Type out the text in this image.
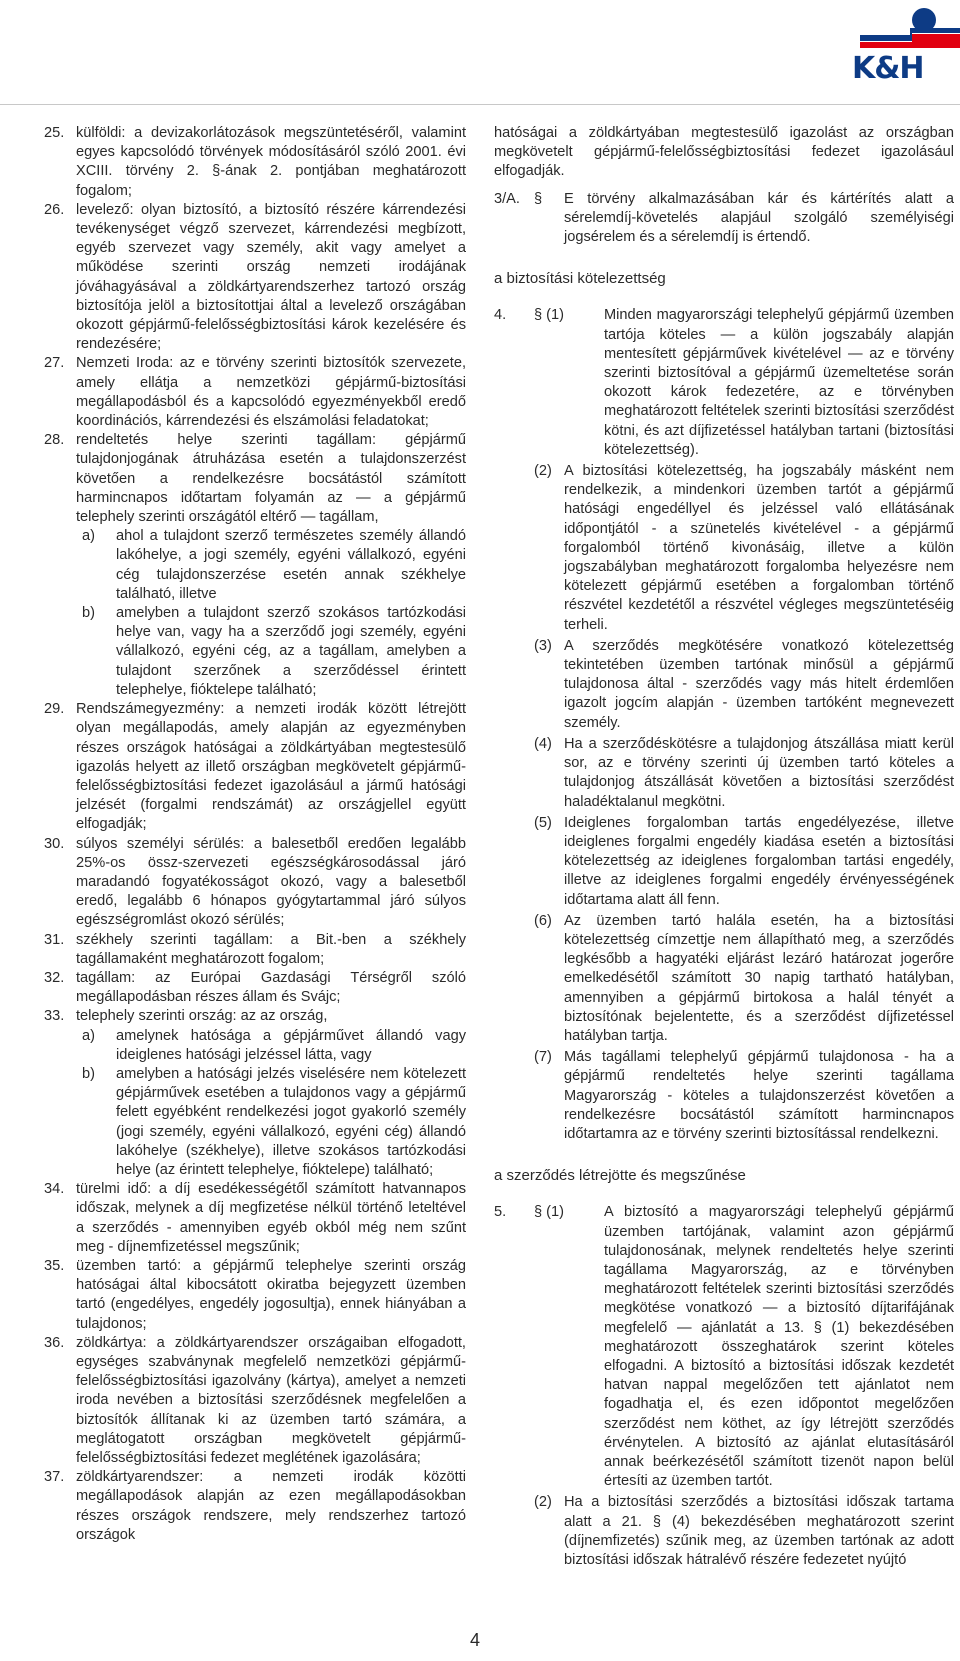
K&H
25. külföldi: a devizakorlátozások megszüntetéséről, valamint egyes kapcsolódó törvények módosításáról szóló 2001. évi XCIII. törvény 2. §-ának 2. pontjában meghatározott fogalom;
26. levelező: olyan biztosító, a biztosító részére kárrendezési tevékenységet végző szervezet, kárrendezési megbízott, egyéb szervezet vagy személy, akit vagy amelyet a működése szerinti ország nemzeti irodájának jóváhagyásával a zöldkártyarendszerhez tartozó ország biztosítója jelöl a biztosítottjai által a levelező országában okozott gépjármű-felelősségbiztosítási károk kezelésére és rendezésére;
27. Nemzeti Iroda: az e törvény szerinti biztosítók szervezete, amely ellátja a nemzetközi gépjármű-biztosítási megállapodásból és a kapcsolódó egyezményekből eredő koordinációs, kárrendezési és elszámolási feladatokat;
28. rendeltetés helye szerinti tagállam: gépjármű tulajdonjogának átruházása esetén a tulajdonszerzést követően a rendelkezésre bocsátástól számított harmincnapos időtartam folyamán az — a gépjármű telephely szerinti országától eltérő — tagállam,
a)	ahol a tulajdont szerző természetes személy állandó lakóhelye, a jogi személy, egyéni vállalkozó, egyéni cég tulajdonszerzése esetén annak székhelye található, illetve
b)	amelyben a tulajdont szerző szokásos tartózkodási helye van, vagy ha a szerződő jogi személy, egyéni vállalkozó, egyéni cég, az a tagállam, amelyben a tulajdont szerzőnek a szerződéssel érintett telephelye, fióktelepe található;
29. Rendszámegyezmény: a nemzeti irodák között létrejött olyan megállapodás, amely alapján az egyezményben részes országok hatóságai a zöldkártyában megtestesülő igazolás helyett az illető országban megkövetelt gépjármű-felelősségbiztosítási fedezet igazolásául a jármű hatósági jelzését (forgalmi rendszámát) az országjellel együtt elfogadják;
30. súlyos személyi sérülés: a balesetből eredően legalább 25%-os össz-szervezeti egészségkárosodással járó maradandó fogyatékosságot okozó, vagy a balesetből eredő, legalább 6 hónapos gyógytartammal járó súlyos egészségromlást okozó sérülés;
31. székhely szerinti tagállam: a Bit.-ben a székhely tagállamaként meghatározott fogalom;
32. tagállam: az Európai Gazdasági Térségről szóló megállapodásban részes állam és Svájc;
33. telephely szerinti ország: az az ország,
a)	amelynek hatósága a gépjárművet állandó vagy ideiglenes hatósági jelzéssel látta, vagy
b)	amelyben a hatósági jelzés viselésére nem kötelezett gépjárművek esetében a tulajdonos vagy a gépjármű felett egyébként rendelkezési jogot gyakorló személy (jogi személy, egyéni vállalkozó, egyéni cég) állandó lakóhelye (székhelye), illetve szokásos tartózkodási helye (az érintett telephelye, fióktelepe) található;
34. türelmi idő: a díj esedékességétől számított hatvannapos időszak, melynek a díj megfizetése nélkül történő leteltével a szerződés - amennyiben egyéb okból még nem szűnt meg - díjnemfizetéssel megszűnik;
35. üzemben tartó: a gépjármű telephelye szerinti ország hatóságai által kibocsátott okiratba bejegyzett üzemben tartó (engedélyes, engedély jogosultja), ennek hiányában a tulajdonos;
36. zöldkártya: a zöldkártyarendszer országaiban elfogadott, egységes szabványnak megfelelő nemzetközi gépjármű-felelősségbiztosítási igazolvány (kártya), amelyet a nemzeti iroda nevében a biztosítási szerződésnek megfelelően a biztosítók állítanak ki az üzemben tartó számára, a meglátogatott országban megkövetelt gépjármű-felelősségbiztosítási fedezet meglétének igazolására;
37. zöldkártyarendszer: a nemzeti irodák közötti megállapodások alapján az ezen megállapodásokban részes országok rendszere, mely rendszerhez tartozó országok
hatóságai a zöldkártyában megtestesülő igazolást az országban megkövetelt gépjármű-felelősségbiztosítási fedezet igazolásául elfogadják.
3/A. §	E törvény alkalmazásában kár és kártérítés alatt a sérelemdíj-követelés alapjául szolgáló személyiségi jogsérelem és a sérelemdíj is értendő.
a biztosítási kötelezettség
4.	§ (1)	Minden magyarországi telephelyű gépjármű üzemben tartója köteles — a külön jogszabály alapján mentesített gépjárművek kivételével — az e törvény szerinti biztosítóval a gépjármű üzemeltetése során okozott károk fedezetére, az e törvényben meghatározott feltételek szerinti biztosítási szerződést kötni, és azt díjfizetéssel hatályban tartani (biztosítási kötelezettség).
(2) A biztosítási kötelezettség, ha jogszabály másként nem rendelkezik, a mindenkori üzemben tartót a gépjármű hatósági engedéllyel és jelzéssel való ellátásának időpontjától - a szünetelés kivételével - a gépjármű forgalomból történő kivonásáig, illetve a külön jogszabályban meghatározott forgalomba helyezésre nem kötelezett gépjármű esetében a forgalomban történő részvétel kezdetétől a részvétel végleges megszüntetéséig terheli.
(3) A szerződés megkötésére vonatkozó kötelezettség tekintetében üzemben tartónak minősül a gépjármű tulajdonosa által - szerződés vagy más hitelt érdemlően igazolt jogcím alapján - üzemben tartóként megnevezett személy.
(4) Ha a szerződéskötésre a tulajdonjog átszállása miatt kerül sor, az e törvény szerinti új üzemben tartó köteles a tulajdonjog átszállását követően a biztosítási szerződést haladéktalanul megkötni.
(5) Ideiglenes forgalomban tartás engedélyezése, illetve ideiglenes forgalmi engedély kiadása esetén a biztosítási kötelezettség az ideiglenes forgalomban tartási engedély, illetve az ideiglenes forgalmi engedély érvényességének időtartama alatt áll fenn.
(6) Az üzemben tartó halála esetén, ha a biztosítási kötelezettség címzettje nem állapítható meg, a szerződés legkésőbb a hagyatéki eljárást lezáró határozat jogerőre emelkedésétől számított 30 napig tartható hatályban, amennyiben a gépjármű birtokosa a halál tényét a biztosítónak bejelentette, és a szerződést díjfizetéssel hatályban tartja.
(7) Más tagállami telephelyű gépjármű tulajdonosa - ha a gépjármű rendeltetés helye szerinti tagállama Magyarország - köteles a tulajdonszerzést követően a rendelkezésre bocsátástól számított harmincnapos időtartamra az e törvény szerinti biztosítással rendelkezni.
a szerződés létrejötte és megszűnése
5.	§ (1)	A biztosító a magyarországi telephelyű gépjármű üzemben tartójának, valamint azon gépjármű tulajdonosának, melynek rendeltetés helye szerinti tagállama Magyarország, az e törvényben meghatározott feltételek szerinti biztosítási szerződés megkötése vonatkozó — a biztosító díjtarifájának megfelelő — ajánlatát a 13. § (1) bekezdésében meghatározott összeghatárok szerint köteles elfogadni. A biztosító a biztosítási időszak kezdetét hatvan nappal megelőzően tett ajánlatot nem fogadhatja el, és ezen időpontot megelőzően szerződést nem köthet, az így létrejött szerződés érvénytelen. A biztosító az ajánlat elutasításáról annak beérkezésétől számított tizenöt napon belül értesíti az üzemben tartót.
(2) Ha a biztosítási szerződés a biztosítási időszak tartama alatt a 21. § (4) bekezdésében meghatározott szerint (díjnemfizetés) szűnik meg, az üzemben tartónak az adott biztosítási időszak hátralévő részére fedezetet nyújtó
4
